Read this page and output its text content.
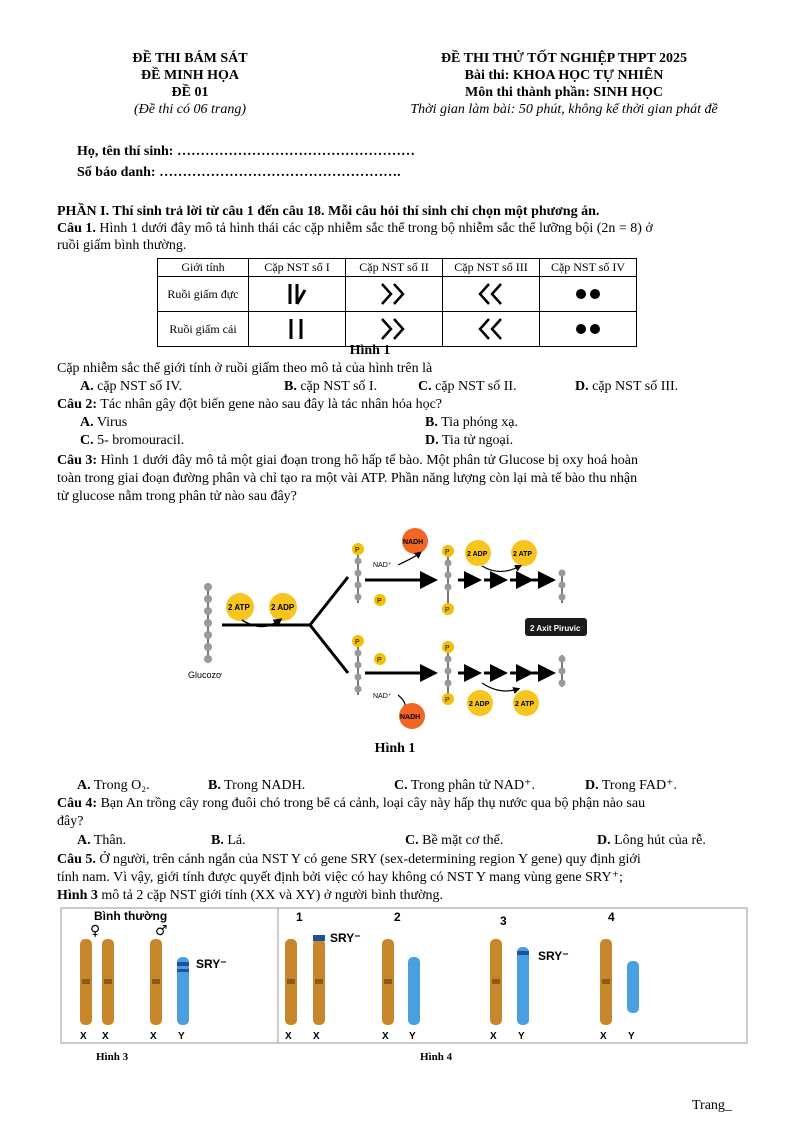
ĐỀ THI BÁM SÁT
ĐỀ MINH HỌA
ĐỀ 01
(Đề thi có 06 trang)
ĐỀ THI THỬ TỐT NGHIỆP THPT 2025
Bài thi: KHOA HỌC TỰ NHIÊN
Môn thi thành phần: SINH HỌC
Thời gian làm bài: 50 phút, không kể thời gian phát đề
Họ, tên thí sinh: ……………………………………………
Số báo danh: …………………………………………….
PHẦN I. Thí sinh trả lời từ câu 1 đến câu 18. Mỗi câu hỏi thí sinh chỉ chọn một phương án.
Câu 1. Hình 1 dưới đây mô tả hình thái các cặp nhiễm sắc thể trong bộ nhiễm sắc thể lưỡng bội (2n = 8) ở
ruồi giấm bình thường.
Giới tính	Cặp NST số I	Cặp NST số II	Cặp NST số III	Cặp NST số IV
Ruồi giấm đực	

Ruồi giấm cái	

Hình 1
Cặp nhiễm sắc thể giới tính ở ruồi giấm theo mô tả của hình trên là
A. cặp NST số IV.	B. cặp NST số I.	C. cặp NST số II.	D. cặp NST số III.
Câu 2: Tác nhân gây đột biến gene nào sau đây là tác nhân hóa học?
A. Virus	B. Tia phóng xạ.
C. 5- bromouracil.	D. Tia tử ngoại.
Câu 3: Hình 1 dưới đây mô tả một giai đoạn trong hô hấp tế bào. Một phân tử Glucose bị oxy hoá hoàn
toàn trong giai đoạn đường phân và chỉ tạo ra một vài ATP. Phần năng lượng còn lại mà tế bào thu nhận
từ glucose nằm trong phân tử nào sau đây?
Glucozơ
2 ATP	2 ADP
P
P
NADH
NAD⁺
P
P
2 ADP	2 ATP
2 Axit Piruvic
P
P
NAD⁺
NADH
P
P
2 ADP	2 ATP
Hình 1
A. Trong O₂.	B. Trong NADH.	C. Trong phân tử NAD⁺.	D. Trong FAD⁺.
Câu 4: Bạn An trồng cây rong đuôi chó trong bể cá cảnh, loại cây này hấp thụ nước qua bộ phận nào sau
đây?
A. Thân.	B. Lá.	C. Bề mặt cơ thể.	D. Lông hút của rễ.
Câu 5. Ở người, trên cánh ngắn của NST Y có gene SRY (sex-determining region Y gene) quy định giới
tính nam. Vì vậy, giới tính được quyết định bởi việc có hay không có NST Y mang vùng gene SRY⁺;
Hình 3 mô tả 2 cặp NST giới tính (XX và XY) ở người bình thường.
Bình thường
♀	♂
SRY⁻
X X	X Y
1	2	3	4
SRY⁻
X X	X Y
SRY⁻
X Y	X Y
Hình 3	Hình 4
Trang_
